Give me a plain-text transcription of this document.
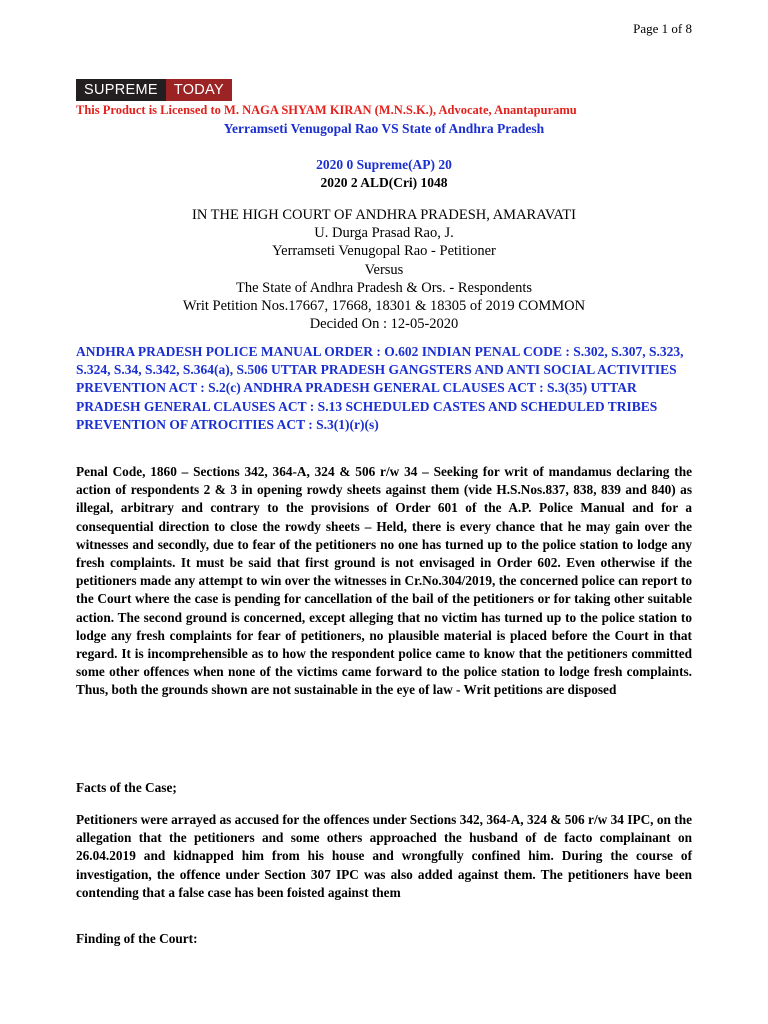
Page 1 of 8
SUPREME	TODAY
This Product is Licensed to M. NAGA SHYAM KIRAN (M.N.S.K.), Advocate, Anantapuramu
Yerramseti Venugopal Rao VS State of Andhra Pradesh
2020 0 Supreme(AP) 20
2020 2 ALD(Cri) 1048
IN THE HIGH COURT OF ANDHRA PRADESH, AMARAVATI
U. Durga Prasad Rao, J.
Yerramseti Venugopal Rao - Petitioner
Versus
The State of Andhra Pradesh & Ors. - Respondents
Writ Petition Nos.17667, 17668, 18301 & 18305 of 2019 COMMON
Decided On : 12-05-2020
ANDHRA PRADESH POLICE MANUAL ORDER : O.602 INDIAN PENAL CODE : S.302, S.307, S.323, S.324, S.34, S.342, S.364(a), S.506 UTTAR PRADESH GANGSTERS AND ANTI SOCIAL ACTIVITIES PREVENTION ACT : S.2(c) ANDHRA PRADESH GENERAL CLAUSES ACT : S.3(35) UTTAR PRADESH GENERAL CLAUSES ACT : S.13 SCHEDULED CASTES AND SCHEDULED TRIBES PREVENTION OF ATROCITIES ACT : S.3(1)(r)(s)
Penal Code, 1860 – Sections 342, 364-A, 324 & 506 r/w 34 – Seeking for writ of mandamus declaring the action of respondents 2 & 3 in opening rowdy sheets against them (vide H.S.Nos.837, 838, 839 and 840) as illegal, arbitrary and contrary to the provisions of Order 601 of the A.P. Police Manual and for a consequential direction to close the rowdy sheets – Held, there is every chance that he may gain over the witnesses and secondly, due to fear of the petitioners no one has turned up to the police station to lodge any fresh complaints. It must be said that first ground is not envisaged in Order 602. Even otherwise if the petitioners made any attempt to win over the witnesses in Cr.No.304/2019, the concerned police can report to the Court where the case is pending for cancellation of the bail of the petitioners or for taking other suitable action. The second ground is concerned, except alleging that no victim has turned up to the police station to lodge any fresh complaints for fear of petitioners, no plausible material is placed before the Court in that regard. It is incomprehensible as to how the respondent police came to know that the petitioners committed some other offences when none of the victims came forward to the police station to lodge fresh complaints. Thus, both the grounds shown are not sustainable in the eye of law - Writ petitions are disposed
Facts of the Case;
Petitioners were arrayed as accused for the offences under Sections 342, 364-A, 324 & 506 r/w 34 IPC, on the allegation that the petitioners and some others approached the husband of de facto complainant on 26.04.2019 and kidnapped him from his house and wrongfully confined him. During the course of investigation, the offence under Section 307 IPC was also added against them. The petitioners have been contending that a false case has been foisted against them
Finding of the Court:
